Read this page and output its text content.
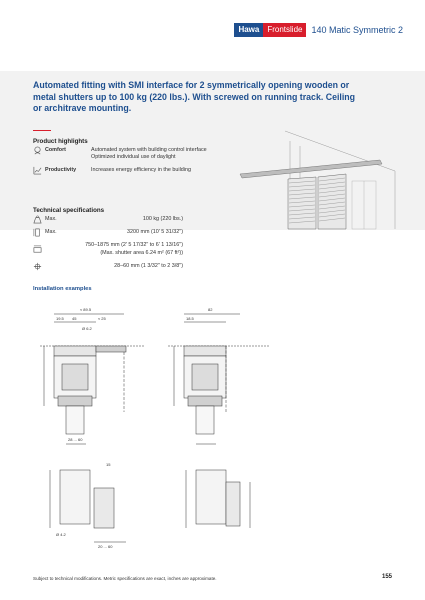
Hawa	Frontslide	140 Matic Symmetric 2
Automated fitting with SMI interface for 2 symmetrically opening wooden or metal shutters up to 100 kg (220 lbs.). With screwed on running track. Ceiling or architrave mounting.
Product highlights
Comfort	Automated system with building control interface
Optimized individual use of daylight
Productivity	Increases energy efficiency in the building
Technical specifications
Max.	100 kg (220 lbs.)
Max.	3200 mm (10' 5 31/32")
750–1875 mm (2' 5 17/32" to 6' 1 13/16")
(Max. shutter area 6.24 m² (67 ft²))
28–60 mm (1 3/32" to 2 3/8")
Installation examples
≈ 89.5	82
19.5 45	≈ 25	18.5
Ø 6.2
28 ... 60
15
Ø 4.2
20 ... 60
Subject to technical modifications. Metric specifications are exact, inches are approximate.	155
